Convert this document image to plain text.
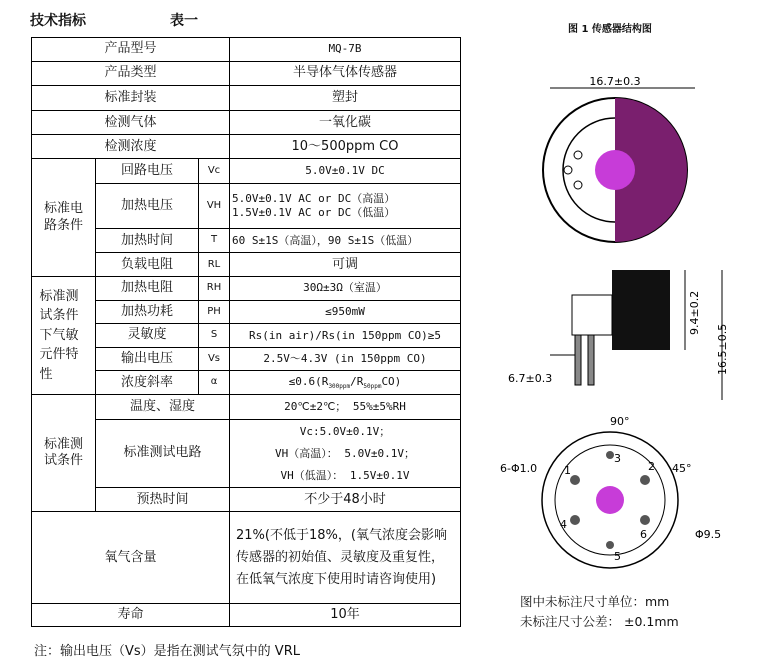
技术指标	表一
图 1 传感器结构图
产品型号			MQ-7B
产品类型			半导体气体传感器
标准封装			塑封
检测气体			一氧化碳
检测浓度			10～500ppm CO
标准电路条件	回路电压	Vc	5.0V±0.1V DC
	加热电压	VH	5.0V±0.1V AC or DC（高温）
1.5V±0.1V AC or DC（低温）

	加热时间	T	60 S±1S（高温），90 S±1S（低温）
	负载电阻	RL	可调
标准测试条件下气敏元件特性	加热电阻	RH	30Ω±3Ω（室温）
	加热功耗	PH	≤950mW
	灵敏度	S	Rs(in air)/Rs(in 150ppm CO)≥5
	输出电压	Vs	2.5V～4.3V (in 150ppm CO)
	浓度斜率	α	$\le 0.6(R_{300ppm}/R_{50ppm}CO)$
标准测试条件	温度、湿度		20℃±2℃； 55%±5%RH
	标准测试电路		Vc:5.0V±0.1V；
VH（高温）： 5.0V±0.1V；
VH（低温）： 1.5V±0.1V

	预热时间		不少于48小时
氧气含量			21%(不低于18%，(氧气浓度会影响传感器的初始值、灵敏度及重复性，在低氧气浓度下使用时请咨询使用)
寿命			10年
注：输出电压（Vs）是指在测试气氛中的 VRL
16.7±0.3
6.7±0.3
9.4±0.2
16.5±0.5
90°
45°
6-Φ1.0
Φ9.5
1	2
3
4
5
6
图中未标注尺寸单位：mm
未标注尺寸公差： ±0.1mm
